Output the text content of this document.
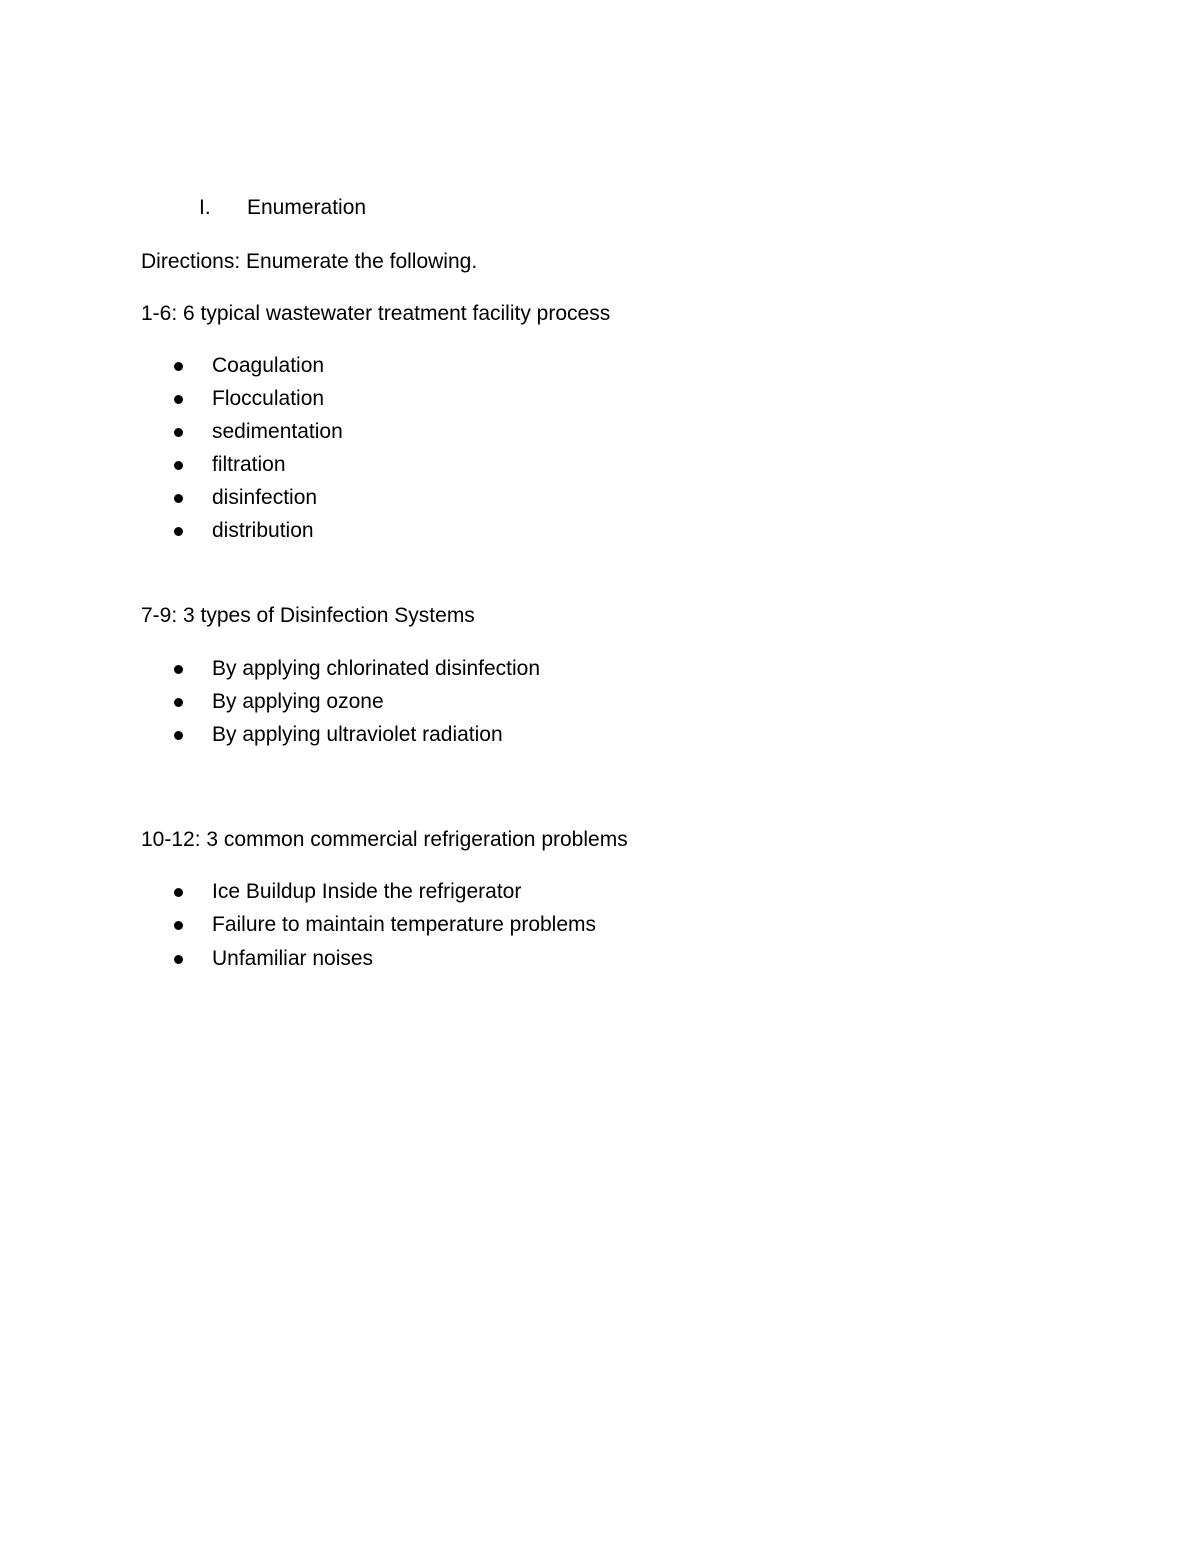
I. Enumeration
Directions: Enumerate the following.
1-6: 6 typical wastewater treatment facility process
Coagulation
Flocculation
sedimentation
filtration
disinfection
distribution
7-9: 3 types of Disinfection Systems
By applying chlorinated disinfection
By applying ozone
By applying ultraviolet radiation
10-12: 3 common commercial refrigeration problems
Ice Buildup Inside the refrigerator
Failure to maintain temperature problems
Unfamiliar noises
